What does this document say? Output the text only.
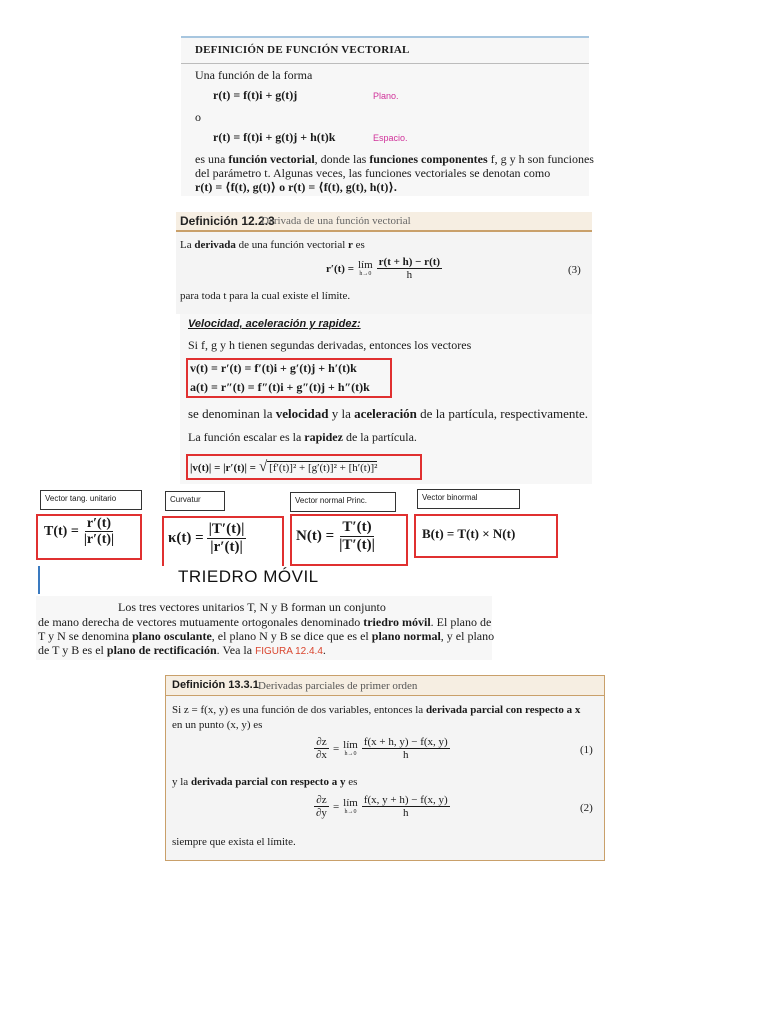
DEFINICIÓN DE FUNCIÓN VECTORIAL
Una función de la forma
r(t) = f(t)i + g(t)j	Plano.
o
r(t) = f(t)i + g(t)j + h(t)k	Espacio.
es una función vectorial, donde las funciones componentes f, g y h son funciones
del parámetro t. Algunas veces, las funciones vectoriales se denotan como
r(t) = ⟨f(t), g(t)⟩ o r(t) = ⟨f(t), g(t), h(t)⟩.
Definición 12.2.3
Derivada de una función vectorial
La derivada de una función vectorial r es
r′(t) = lím
$h\to 0 \frac{r(t + h) - r(t)}{h}$	(3)
para toda t para la cual existe el límite.
Velocidad, aceleración y rapidez:
Si f, g y h tienen segundas derivadas, entonces los vectores
v(t) = r′(t) = f′(t)i + g′(t)j + h′(t)k
a(t) = r″(t) = f″(t)i + g″(t)j + h″(t)k
se denominan la velocidad y la aceleración de la partícula, respectivamente.
La función escalar es la rapidez de la partícula.
|v(t)| = |r′(t)| = √ [f′(t)]² + [g′(t)]² + [h′(t)]²
Vector tang. unitario	Curvatur	Vector normal Princ.	Vector binormal
$T(t) = \frac{r'(t)}{|r'(t)|}$	$\kappa(t) = \frac{|T'(t)|}{|r'(t)|}$	$N(t) = \frac{T'(t)}{|T'(t)|}$	B(t) = T(t) × N(t)
TRIEDRO MÓVIL
Los tres vectores unitarios T, N y B forman un conjunto
de mano derecha de vectores mutuamente ortogonales denominado triedro móvil. El plano de
T y N se denomina plano osculante, el plano N y B se dice que es el plano normal, y el plano
de T y B es el plano de rectificación. Vea la FIGURA 12.4.4.
Definición 13.3.1 Derivadas parciales de primer orden
Si z = f(x, y) es una función de dos variables, entonces la derivada parcial con respecto a x
en un punto (x, y) es
$\frac{\partial z}{\partial x}$ = lím
$h\to 0 \frac{f(x + h, y) - f(x, y)}{h}$	(1)
y la derivada parcial con respecto a y es
$\frac{\partial z}{\partial y}$ = lím
$h\to 0 \frac{f(x, y + h) - f(x, y)}{h}$	(2)
siempre que exista el límite.
